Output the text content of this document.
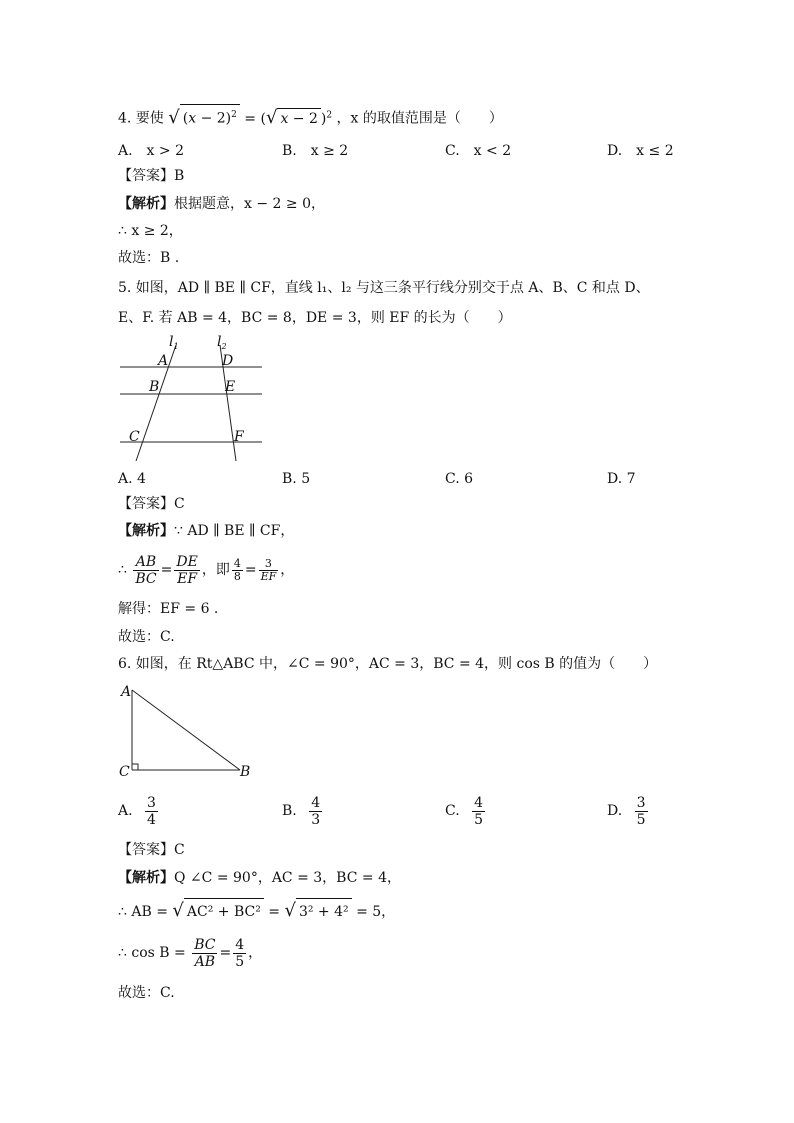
4. 要使 √ $(x - 2)^2$ = (√ x − 2 )$^2$ ，x 的取值范围是（　　）
A.　x > 2	B.　x ≥ 2	C.　x < 2	D.　x ≤ 2
【答案】B
【解析】根据题意，x − 2 ≥ 0，
∴ x ≥ 2，
故选：B .
5. 如图，AD ∥ BE ∥ CF，直线 l₁、l₂ 与这三条平行线分别交于点 A、B、C 和点 D、
E、F. 若 AB = 4，BC = 8，DE = 3，则 EF 的长为（　　）
$l_1$	$l_2$
A	D
B	E
C	F
A. 4	B. 5	C. 6	D. 7
【答案】C
【解析】∵ AD ∥ BE ∥ CF，
∴ $\frac{AB}{BC} = \frac{DE}{EF}$ ，即 $\frac{4}{8} = \frac{3}{EF}$ ，
解得：EF = 6 .
故选：C.
6. 如图，在 Rt△ABC 中，∠C = 90°，AC = 3，BC = 4，则 cos B 的值为（　　）
A
C	B
A. $\frac{3}{4}$	B. $\frac{4}{3}$	C. $\frac{4}{5}$	D. $\frac{3}{5}$
【答案】C
【解析】Q ∠C = 90°，AC = 3，BC = 4，
∴ AB = √ AC² + BC² = √ 3² + 4² = 5，
∴ $\cos B = \frac{BC}{AB} = \frac{4}{5}$ ，
故选：C.
